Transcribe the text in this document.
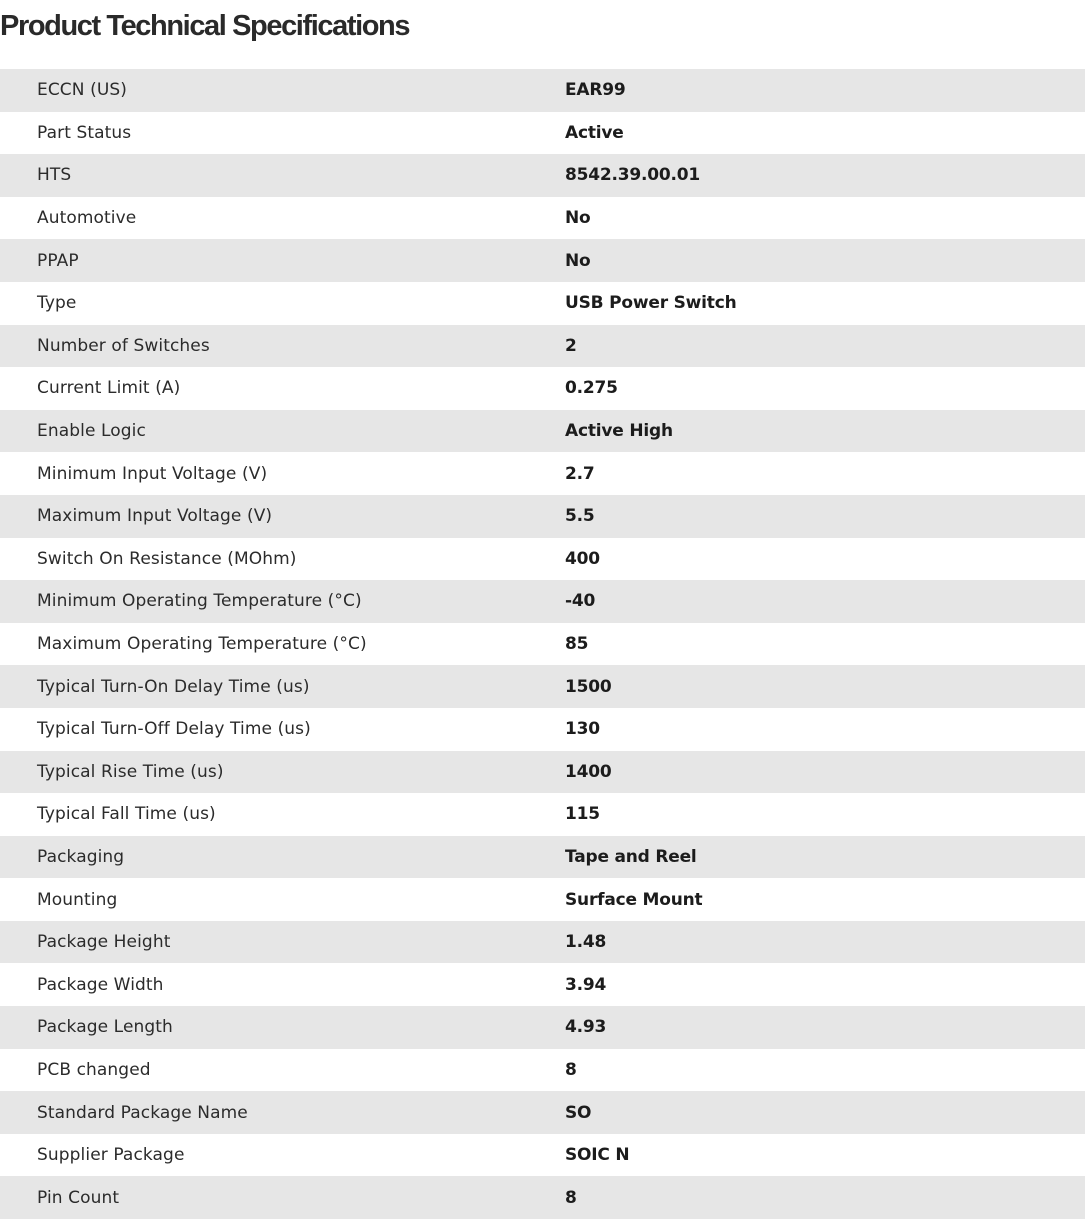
Product Technical Specifications
ECCN (US)	EAR99
Part Status	Active
HTS	8542.39.00.01
Automotive	No
PPAP	No
Type	USB Power Switch
Number of Switches	2
Current Limit (A)	0.275
Enable Logic	Active High
Minimum Input Voltage (V)	2.7
Maximum Input Voltage (V)	5.5
Switch On Resistance (MOhm)	400
Minimum Operating Temperature (°C)	-40
Maximum Operating Temperature (°C)	85
Typical Turn-On Delay Time (us)	1500
Typical Turn-Off Delay Time (us)	130
Typical Rise Time (us)	1400
Typical Fall Time (us)	115
Packaging	Tape and Reel
Mounting	Surface Mount
Package Height	1.48
Package Width	3.94
Package Length	4.93
PCB changed	8
Standard Package Name	SO
Supplier Package	SOIC N
Pin Count	8
